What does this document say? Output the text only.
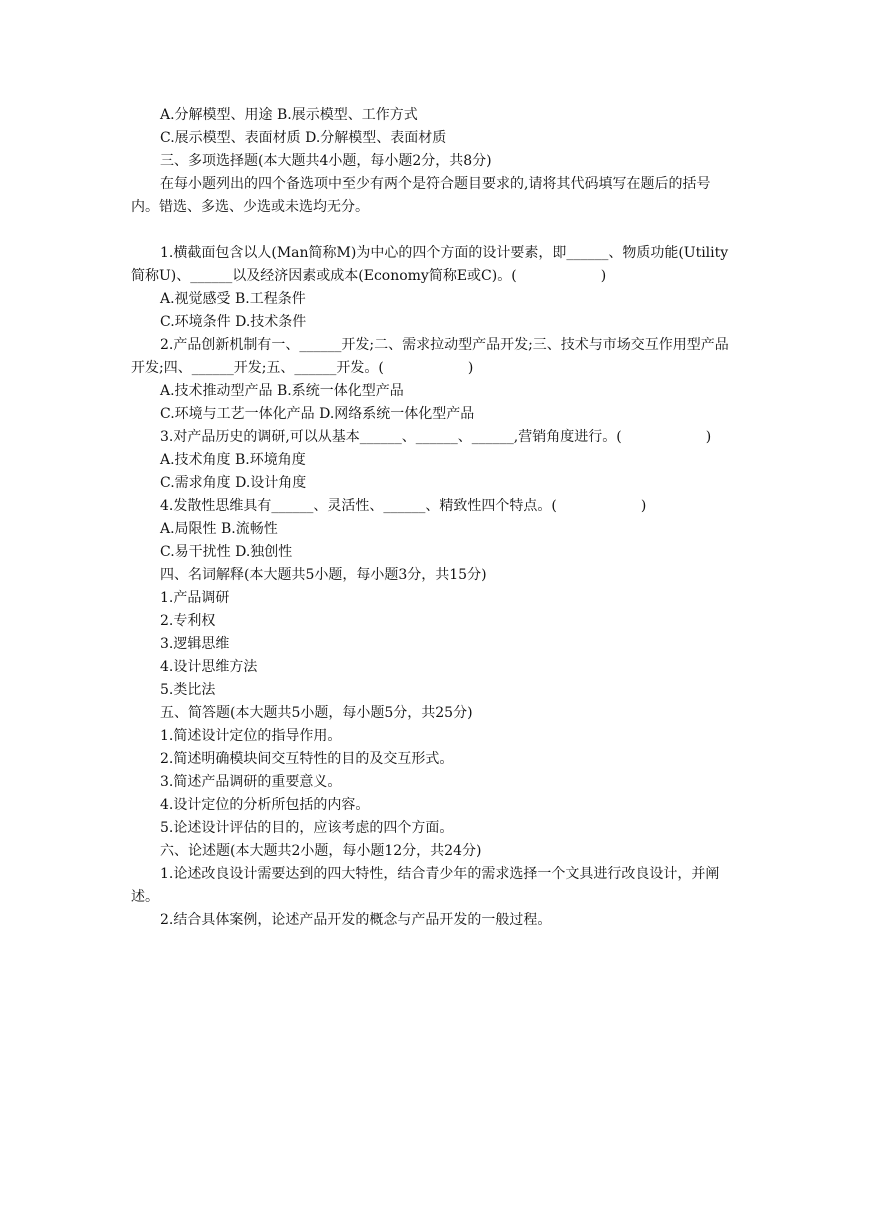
A.分解模型、用途 B.展示模型、工作方式

C.展示模型、表面材质 D.分解模型、表面材质

三、多项选择题(本大题共4小题，每小题2分，共8分)

在每小题列出的四个备选项中至少有两个是符合题目要求的,请将其代码填写在题后的括号内。错选、多选、少选或未选均无分。

1.横截面包含以人(Man简称M)为中心的四个方面的设计要素，即______、物质功能(Utility简称U)、______以及经济因素或成本(Economy简称E或C)。(　　　　　　)

A.视觉感受 B.工程条件

C.环境条件 D.技术条件

2.产品创新机制有一、______开发;二、需求拉动型产品开发;三、技术与市场交互作用型产品开发;四、______开发;五、______开发。(　　　　　　)

A.技术推动型产品 B.系统一体化型产品

C.环境与工艺一体化产品 D.网络系统一体化型产品

3.对产品历史的调研,可以从基本______、______、______,营销角度进行。(　　　　　　)

A.技术角度 B.环境角度

C.需求角度 D.设计角度

4.发散性思维具有______、灵活性、______、精致性四个特点。(　　　　　　)

A.局限性 B.流畅性

C.易干扰性 D.独创性

四、名词解释(本大题共5小题，每小题3分，共15分)

1.产品调研

2.专利权

3.逻辑思维

4.设计思维方法

5.类比法

五、简答题(本大题共5小题，每小题5分，共25分)

1.简述设计定位的指导作用。

2.简述明确模块间交互特性的目的及交互形式。

3.简述产品调研的重要意义。

4.设计定位的分析所包括的内容。

5.论述设计评估的目的，应该考虑的四个方面。

六、论述题(本大题共2小题，每小题12分，共24分)

1.论述改良设计需要达到的四大特性，结合青少年的需求选择一个文具进行改良设计，并阐述。

2.结合具体案例，论述产品开发的概念与产品开发的一般过程。
